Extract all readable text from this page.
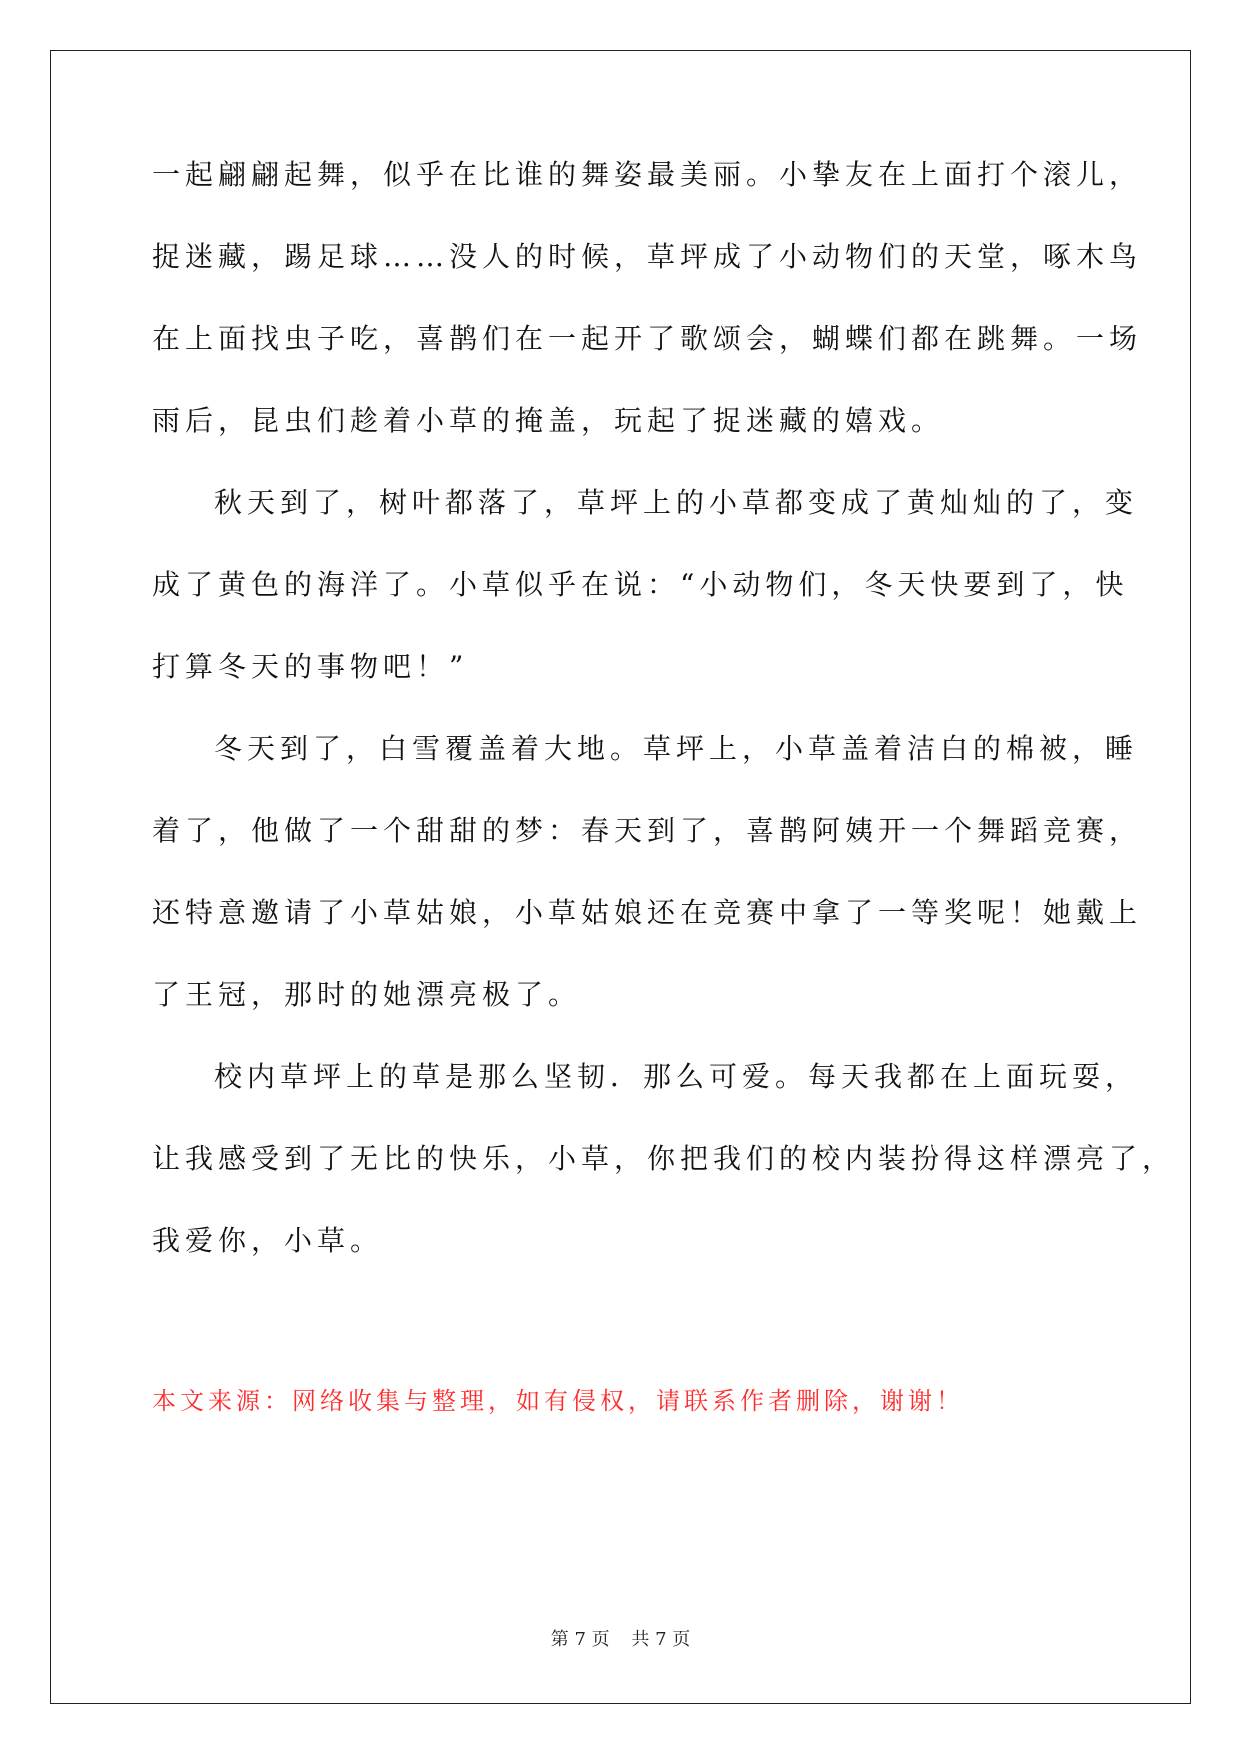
一起翩翩起舞，似乎在比谁的舞姿最美丽。小挚友在上面打个滚儿，
捉迷藏，踢足球……没人的时候，草坪成了小动物们的天堂，啄木鸟
在上面找虫子吃，喜鹊们在一起开了歌颂会，蝴蝶们都在跳舞。一场
雨后，昆虫们趁着小草的掩盖，玩起了捉迷藏的嬉戏。
秋天到了，树叶都落了，草坪上的小草都变成了黄灿灿的了，变
成了黄色的海洋了。小草似乎在说：“小动物们，冬天快要到了，快
打算冬天的事物吧！”
冬天到了，白雪覆盖着大地。草坪上，小草盖着洁白的棉被，睡
着了，他做了一个甜甜的梦：春天到了，喜鹊阿姨开一个舞蹈竞赛，
还特意邀请了小草姑娘，小草姑娘还在竞赛中拿了一等奖呢！她戴上
了王冠，那时的她漂亮极了。
校内草坪上的草是那么坚韧．那么可爱。每天我都在上面玩耍，
让我感受到了无比的快乐，小草，你把我们的校内装扮得这样漂亮了，
我爱你，小草。
本文来源：网络收集与整理，如有侵权，请联系作者删除，谢谢！
第 7 页 共 7 页
